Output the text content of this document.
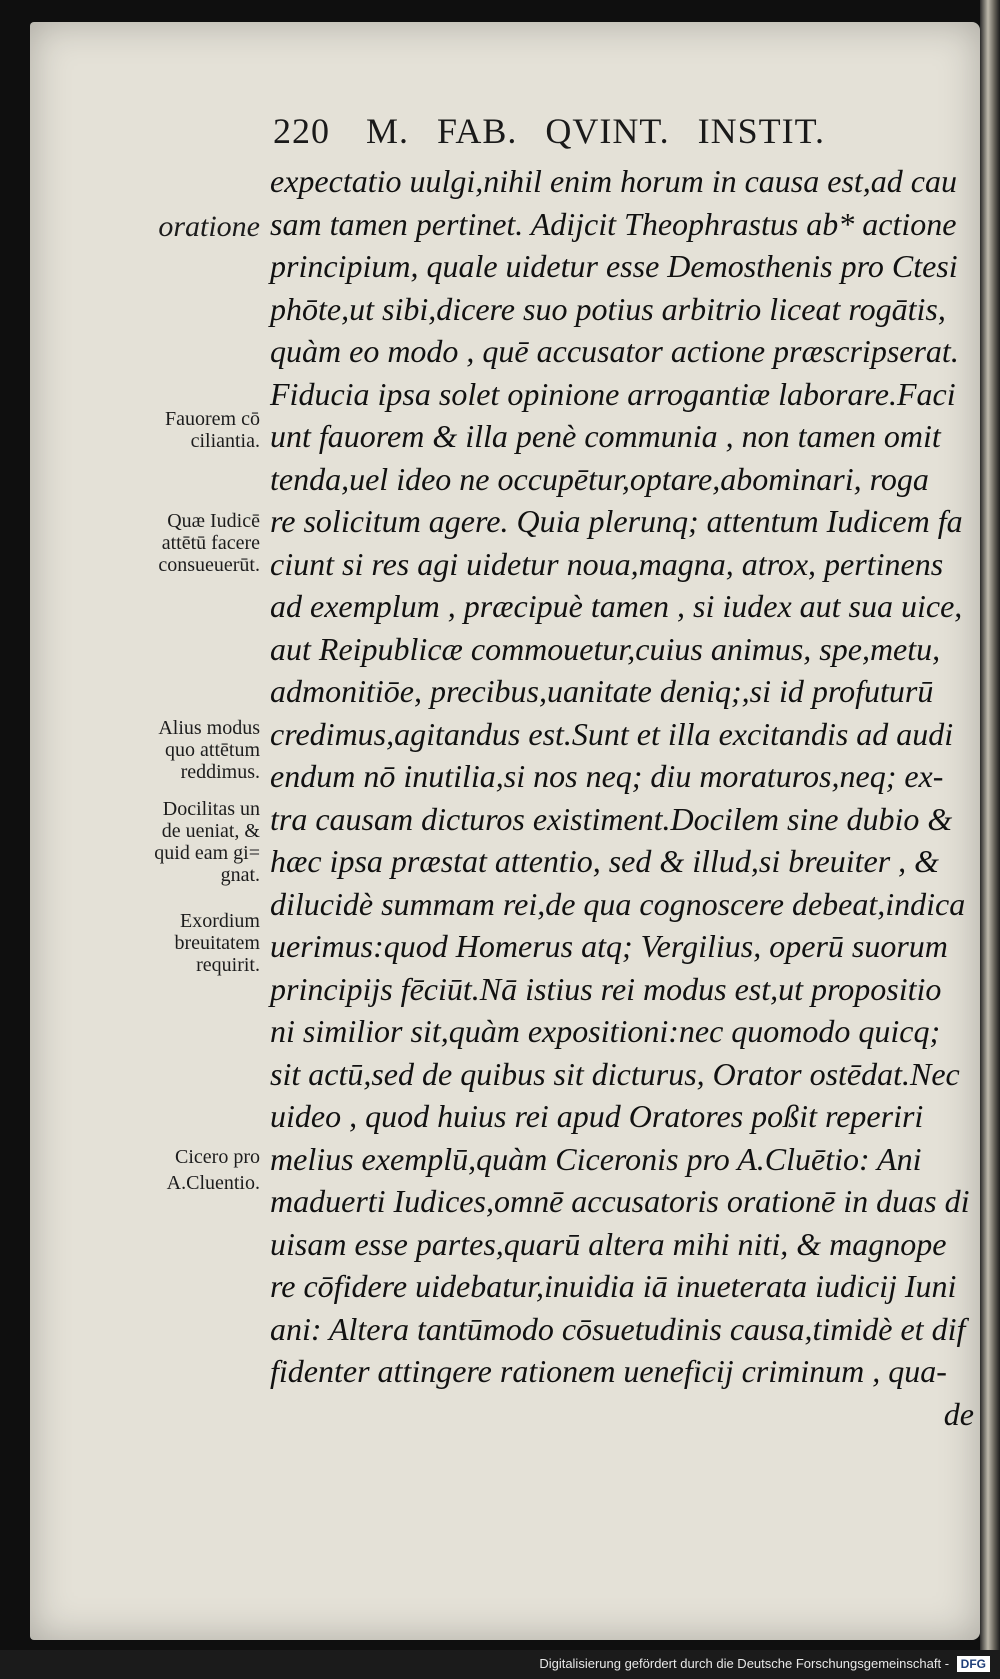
220 M. FAB. QVINT. INSTIT.
oratione
Fauorem cō
ciliantia.
Quæ Iudicē
attētū facere
consueuerūt.
Alius modus
quo attētum
reddimus.
Docilitas un
de ueniat, &
quid eam gi=
gnat.
Exordium
breuitatem
requirit.
Cicero pro
A.Cluentio.
expectatio uulgi,nihil enim horum in causa est,ad cau
sam tamen pertinet. Adijcit Theophrastus ab* actione
principium, quale uidetur esse Demosthenis pro Ctesi
phōte,ut sibi,dicere suo potius arbitrio liceat rogātis,
quàm eo modo , quē accusator actione præscripserat.
Fiducia ipsa solet opinione arrogantiæ laborare.Faci
unt fauorem & illa penè communia , non tamen omit
tenda,uel ideo ne occupētur,optare,abominari, roga
re solicitum agere. Quia plerunq; attentum Iudicem fa
ciunt si res agi uidetur noua,magna, atrox, pertinens
ad exemplum , præcipuè tamen , si iudex aut sua uice,
aut Reipublicæ commouetur,cuius animus, spe,metu,
admonitiōe, precibus,uanitate deniq;,si id profuturū
credimus,agitandus est.Sunt et illa excitandis ad audi
endum nō inutilia,si nos neq; diu moraturos,neq; ex-
tra causam dicturos existiment.Docilem sine dubio &
hæc ipsa præstat attentio, sed & illud,si breuiter , &
dilucidè summam rei,de qua cognoscere debeat,indica
uerimus:quod Homerus atq; Vergilius, operū suorum
principijs fēciūt.Nā istius rei modus est,ut propositio
ni similior sit,quàm expositioni:nec quomodo quicq;
sit actū,sed de quibus sit dicturus, Orator ostēdat.Nec
uideo , quod huius rei apud Oratores poßit reperiri
melius exemplū,quàm Ciceronis pro A.Cluētio: Ani
maduerti Iudices,omnē accusatoris orationē in duas di
uisam esse partes,quarū altera mihi niti, & magnope
re cōfidere uidebatur,inuidia iā inueterata iudicij Iuni
ani: Altera tantūmodo cōsuetudinis causa,timidè et dif
fidenter attingere rationem ueneficij criminum , qua-
de
Digitalisierung gefördert durch die Deutsche Forschungsgemeinschaft - DFG
